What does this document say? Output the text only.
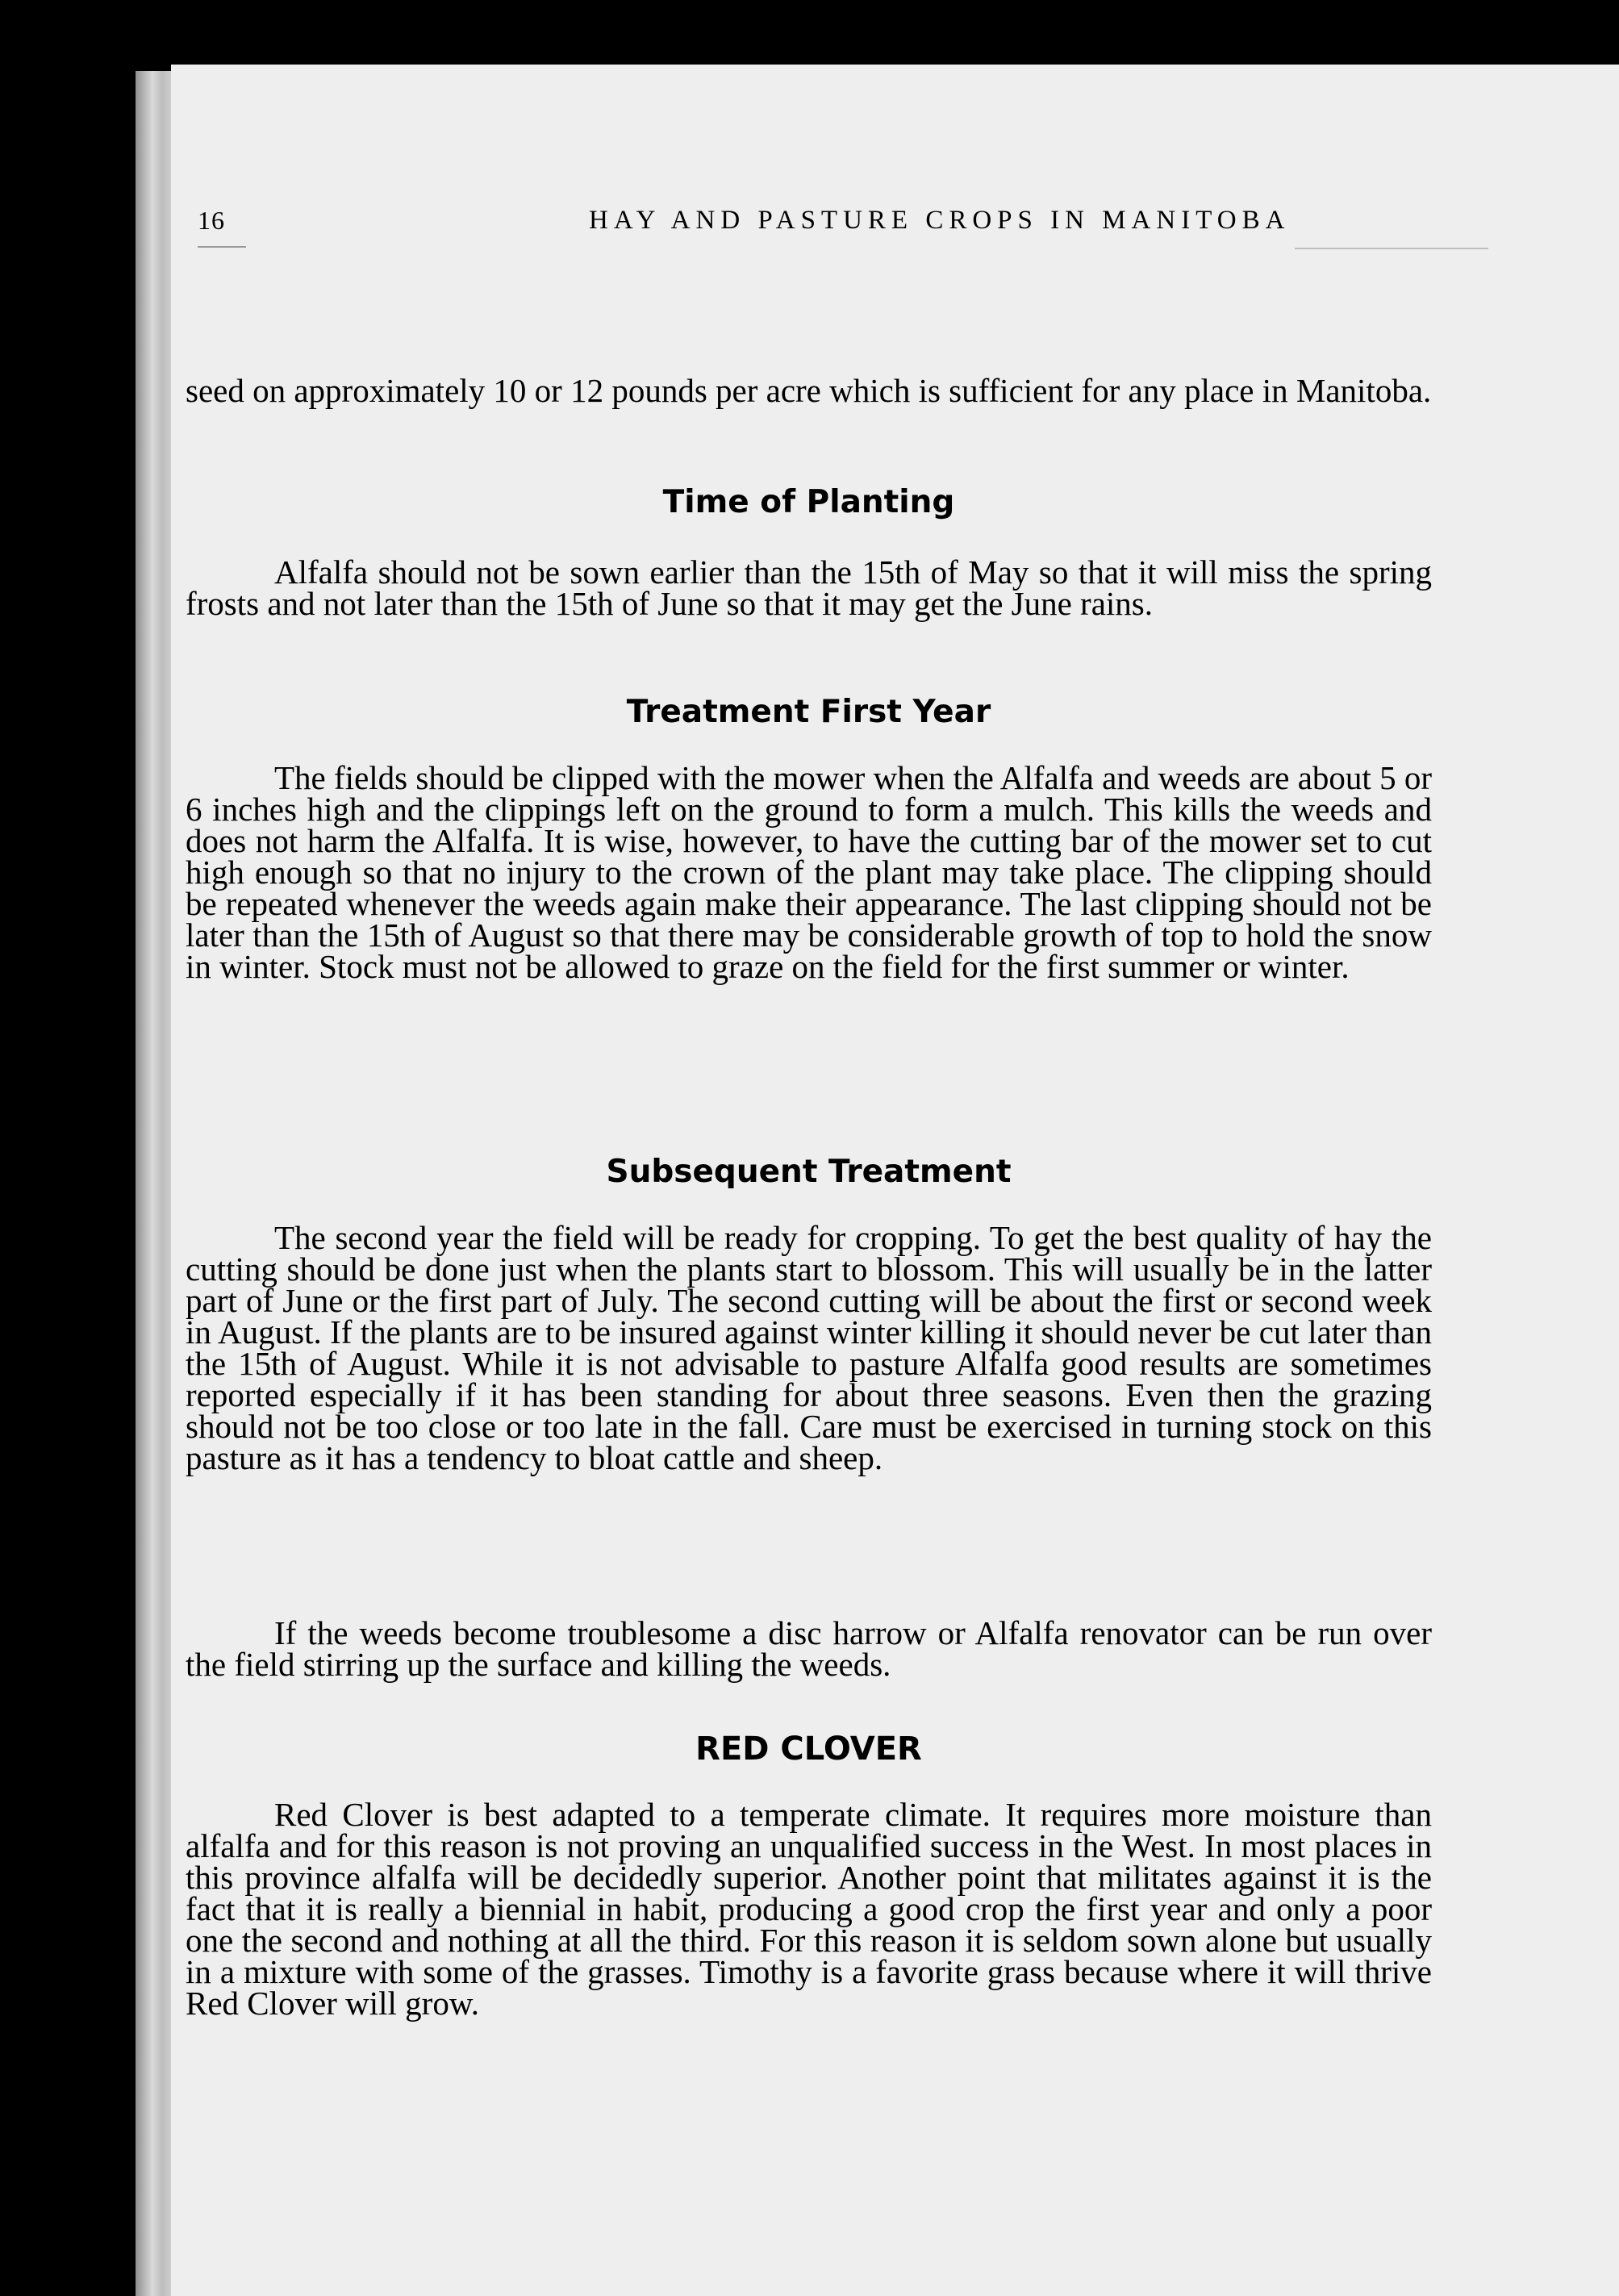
16	HAY AND PASTURE CROPS IN MANITOBA

seed on approximately 10 or 12 pounds per acre which is sufficient for any place in Manitoba.

Time of Planting

Alfalfa should not be sown earlier than the 15th of May so that it will miss the spring frosts and not later than the 15th of June so that it may get the June rains.

Treatment First Year

The fields should be clipped with the mower when the Alfalfa and weeds are about 5 or 6 inches high and the clippings left on the ground to form a mulch. This kills the weeds and does not harm the Alfalfa. It is wise, however, to have the cutting bar of the mower set to cut high enough so that no injury to the crown of the plant may take place. The clipping should be repeated whenever the weeds again make their appearance. The last clipping should not be later than the 15th of August so that there may be considerable growth of top to hold the snow in winter. Stock must not be allowed to graze on the field for the first summer or winter.

Subsequent Treatment

The second year the field will be ready for cropping. To get the best quality of hay the cutting should be done just when the plants start to blossom. This will usually be in the latter part of June or the first part of July. The second cutting will be about the first or second week in August. If the plants are to be insured against winter killing it should never be cut later than the 15th of August. While it is not advisable to pasture Alfalfa good results are sometimes reported especially if it has been standing for about three seasons. Even then the grazing should not be too close or too late in the fall. Care must be exercised in turning stock on this pasture as it has a tendency to bloat cattle and sheep.

If the weeds become troublesome a disc harrow or Alfalfa renovator can be run over the field stirring up the surface and killing the weeds.

RED CLOVER

Red Clover is best adapted to a temperate climate. It requires more moisture than alfalfa and for this reason is not proving an unqualified success in the West. In most places in this province alfalfa will be decidedly superior. Another point that militates against it is the fact that it is really a biennial in habit, producing a good crop the first year and only a poor one the second and nothing at all the third. For this reason it is seldom sown alone but usually in a mixture with some of the grasses. Timothy is a favorite grass because where it will thrive Red Clover will grow.
